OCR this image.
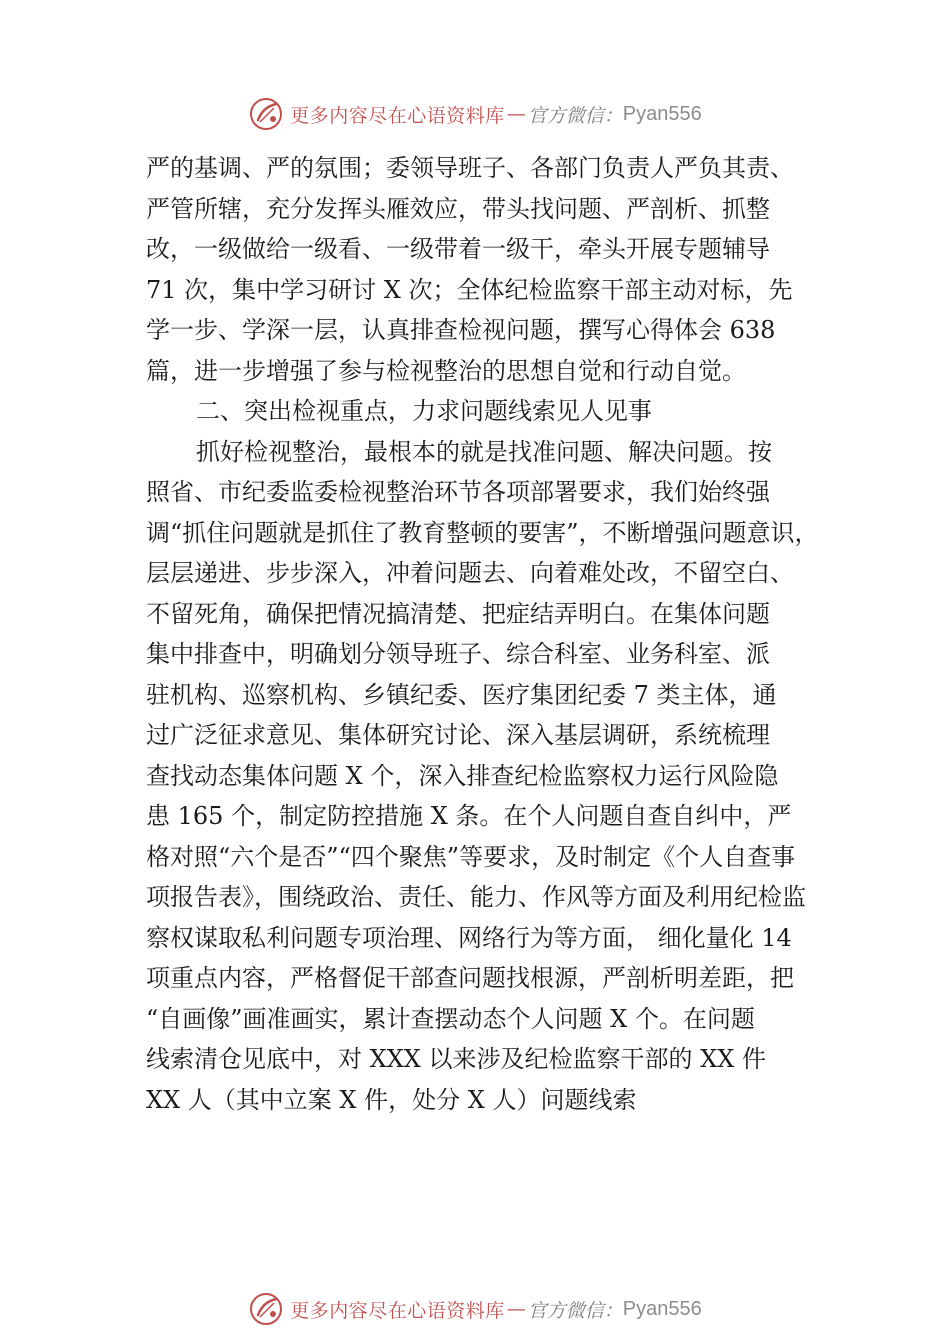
更多内容尽在心语资料库 — 官方微信： Pyan556

严的基调、严的氛围；委领导班子、各部门负责人严负其责、

严管所辖，充分发挥头雁效应，带头找问题、严剖析、抓整

改，一级做给一级看、一级带着一级干，牵头开展专题辅导

71 次，集中学习研讨 X 次；全体纪检监察干部主动对标，先

学一步、学深一层，认真排查检视问题，撰写心得体会 638

篇，进一步增强了参与检视整治的思想自觉和行动自觉。

二、突出检视重点，力求问题线索见人见事

抓好检视整治，最根本的就是找准问题、解决问题。按

照省、市纪委监委检视整治环节各项部署要求，我们始终强

调“抓住问题就是抓住了教育整顿的要害”，不断增强问题意识，

层层递进、步步深入，冲着问题去、向着难处改，不留空白、

不留死角，确保把情况搞清楚、把症结弄明白。在集体问题

集中排查中，明确划分领导班子、综合科室、业务科室、派

驻机构、巡察机构、乡镇纪委、医疗集团纪委 7 类主体，通

过广泛征求意见、集体研究讨论、深入基层调研，系统梳理

查找动态集体问题 X 个，深入排查纪检监察权力运行风险隐

患 165 个，制定防控措施 X 条。在个人问题自查自纠中，严

格对照“六个是否”“四个聚焦”等要求，及时制定《个人自查事

项报告表》，围绕政治、责任、能力、作风等方面及利用纪检监

察权谋取私利问题专项治理、网络行为等方面， 细化量化 14

项重点内容，严格督促干部查问题找根源，严剖析明差距，把

“自画像”画准画实，累计查摆动态个人问题 X 个。在问题

线索清仓见底中，对 XXX 以来涉及纪检监察干部的 XX 件

XX 人（其中立案 X 件，处分 X 人）问题线索

更多内容尽在心语资料库 — 官方微信： Pyan556
